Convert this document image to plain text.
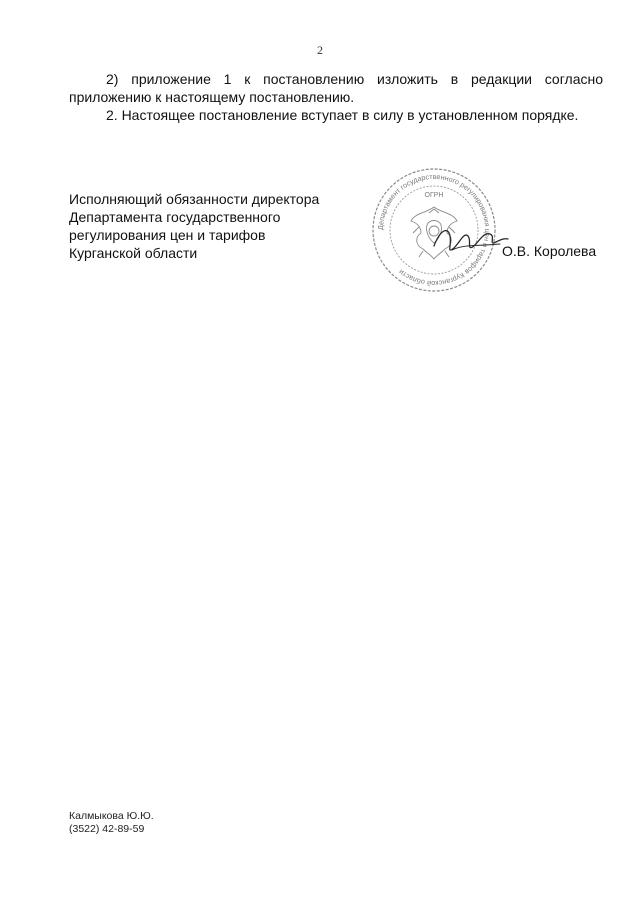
2

2) приложение 1 к постановлению изложить в редакции согласно приложению к настоящему постановлению.

2. Настоящее постановление вступает в силу в установленном порядке.

Исполняющий обязанности директора
Департамента государственного
регулирования цен и тарифов
Курганской области
Департамент государственного регулирования цен и тарифов Курганской области
ОГРН
О.В. Королева
Калмыкова Ю.Ю.
(3522) 42-89-59
